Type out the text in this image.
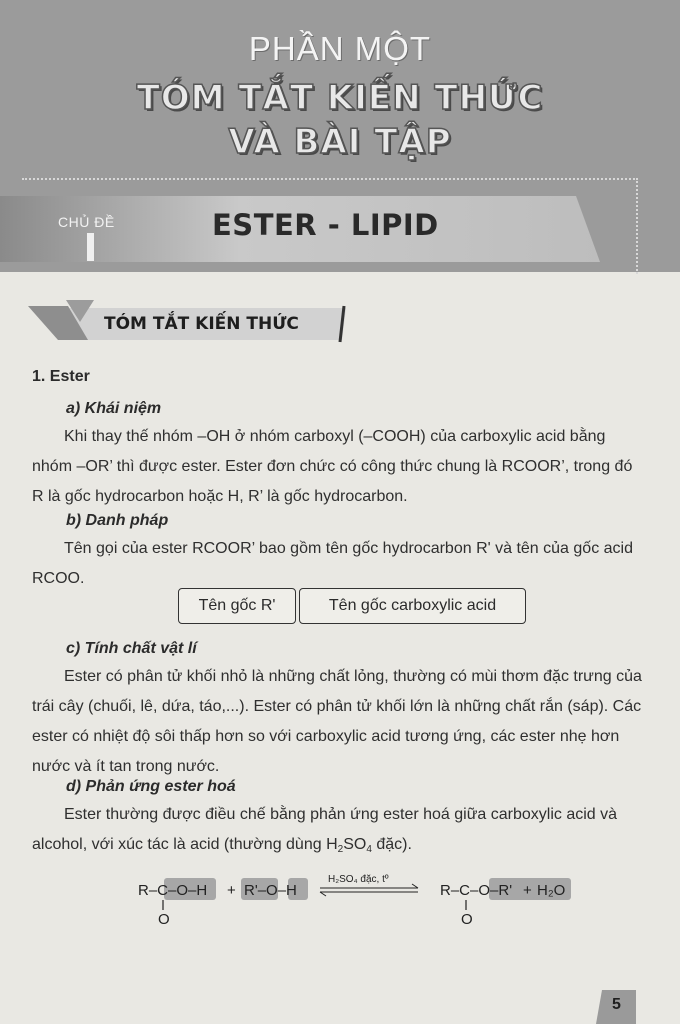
PHẦN MỘT
TÓM TẮT KIẾN THỨC
VÀ BÀI TẬP
CHỦ ĐỀ	ESTER - LIPID
TÓM TẮT KIẾN THỨC
1. Ester
a) Khái niệm
Khi thay thế nhóm –OH ở nhóm carboxyl (–COOH) của carboxylic acid bằng nhóm –OR’ thì được ester. Ester đơn chức có công thức chung là RCOOR’, trong đó R là gốc hydrocarbon hoặc H, R’ là gốc hydrocarbon.
b) Danh pháp
Tên gọi của ester RCOOR’ bao gồm tên gốc hydrocarbon R' và tên của gốc acid RCOO.
Tên gốc R'	Tên gốc carboxylic acid
c) Tính chất vật lí
Ester có phân tử khối nhỏ là những chất lỏng, thường có mùi thơm đặc trưng của trái cây (chuối, lê, dứa, táo,...). Ester có phân tử khối lớn là những chất rắn (sáp). Các ester có nhiệt độ sôi thấp hơn so với carboxylic acid tương ứng, các ester nhẹ hơn nước và ít tan trong nước.
d) Phản ứng ester hoá
Ester thường được điều chế bằng phản ứng ester hoá giữa carboxylic acid và alcohol, với xúc tác là acid (thường dùng $H_2SO_4$ đặc).
R–C–O–H
O
+ R'–O–H
H₂SO₄ đặc, tº
R–C–O–R'
O
+ H₂O
5
